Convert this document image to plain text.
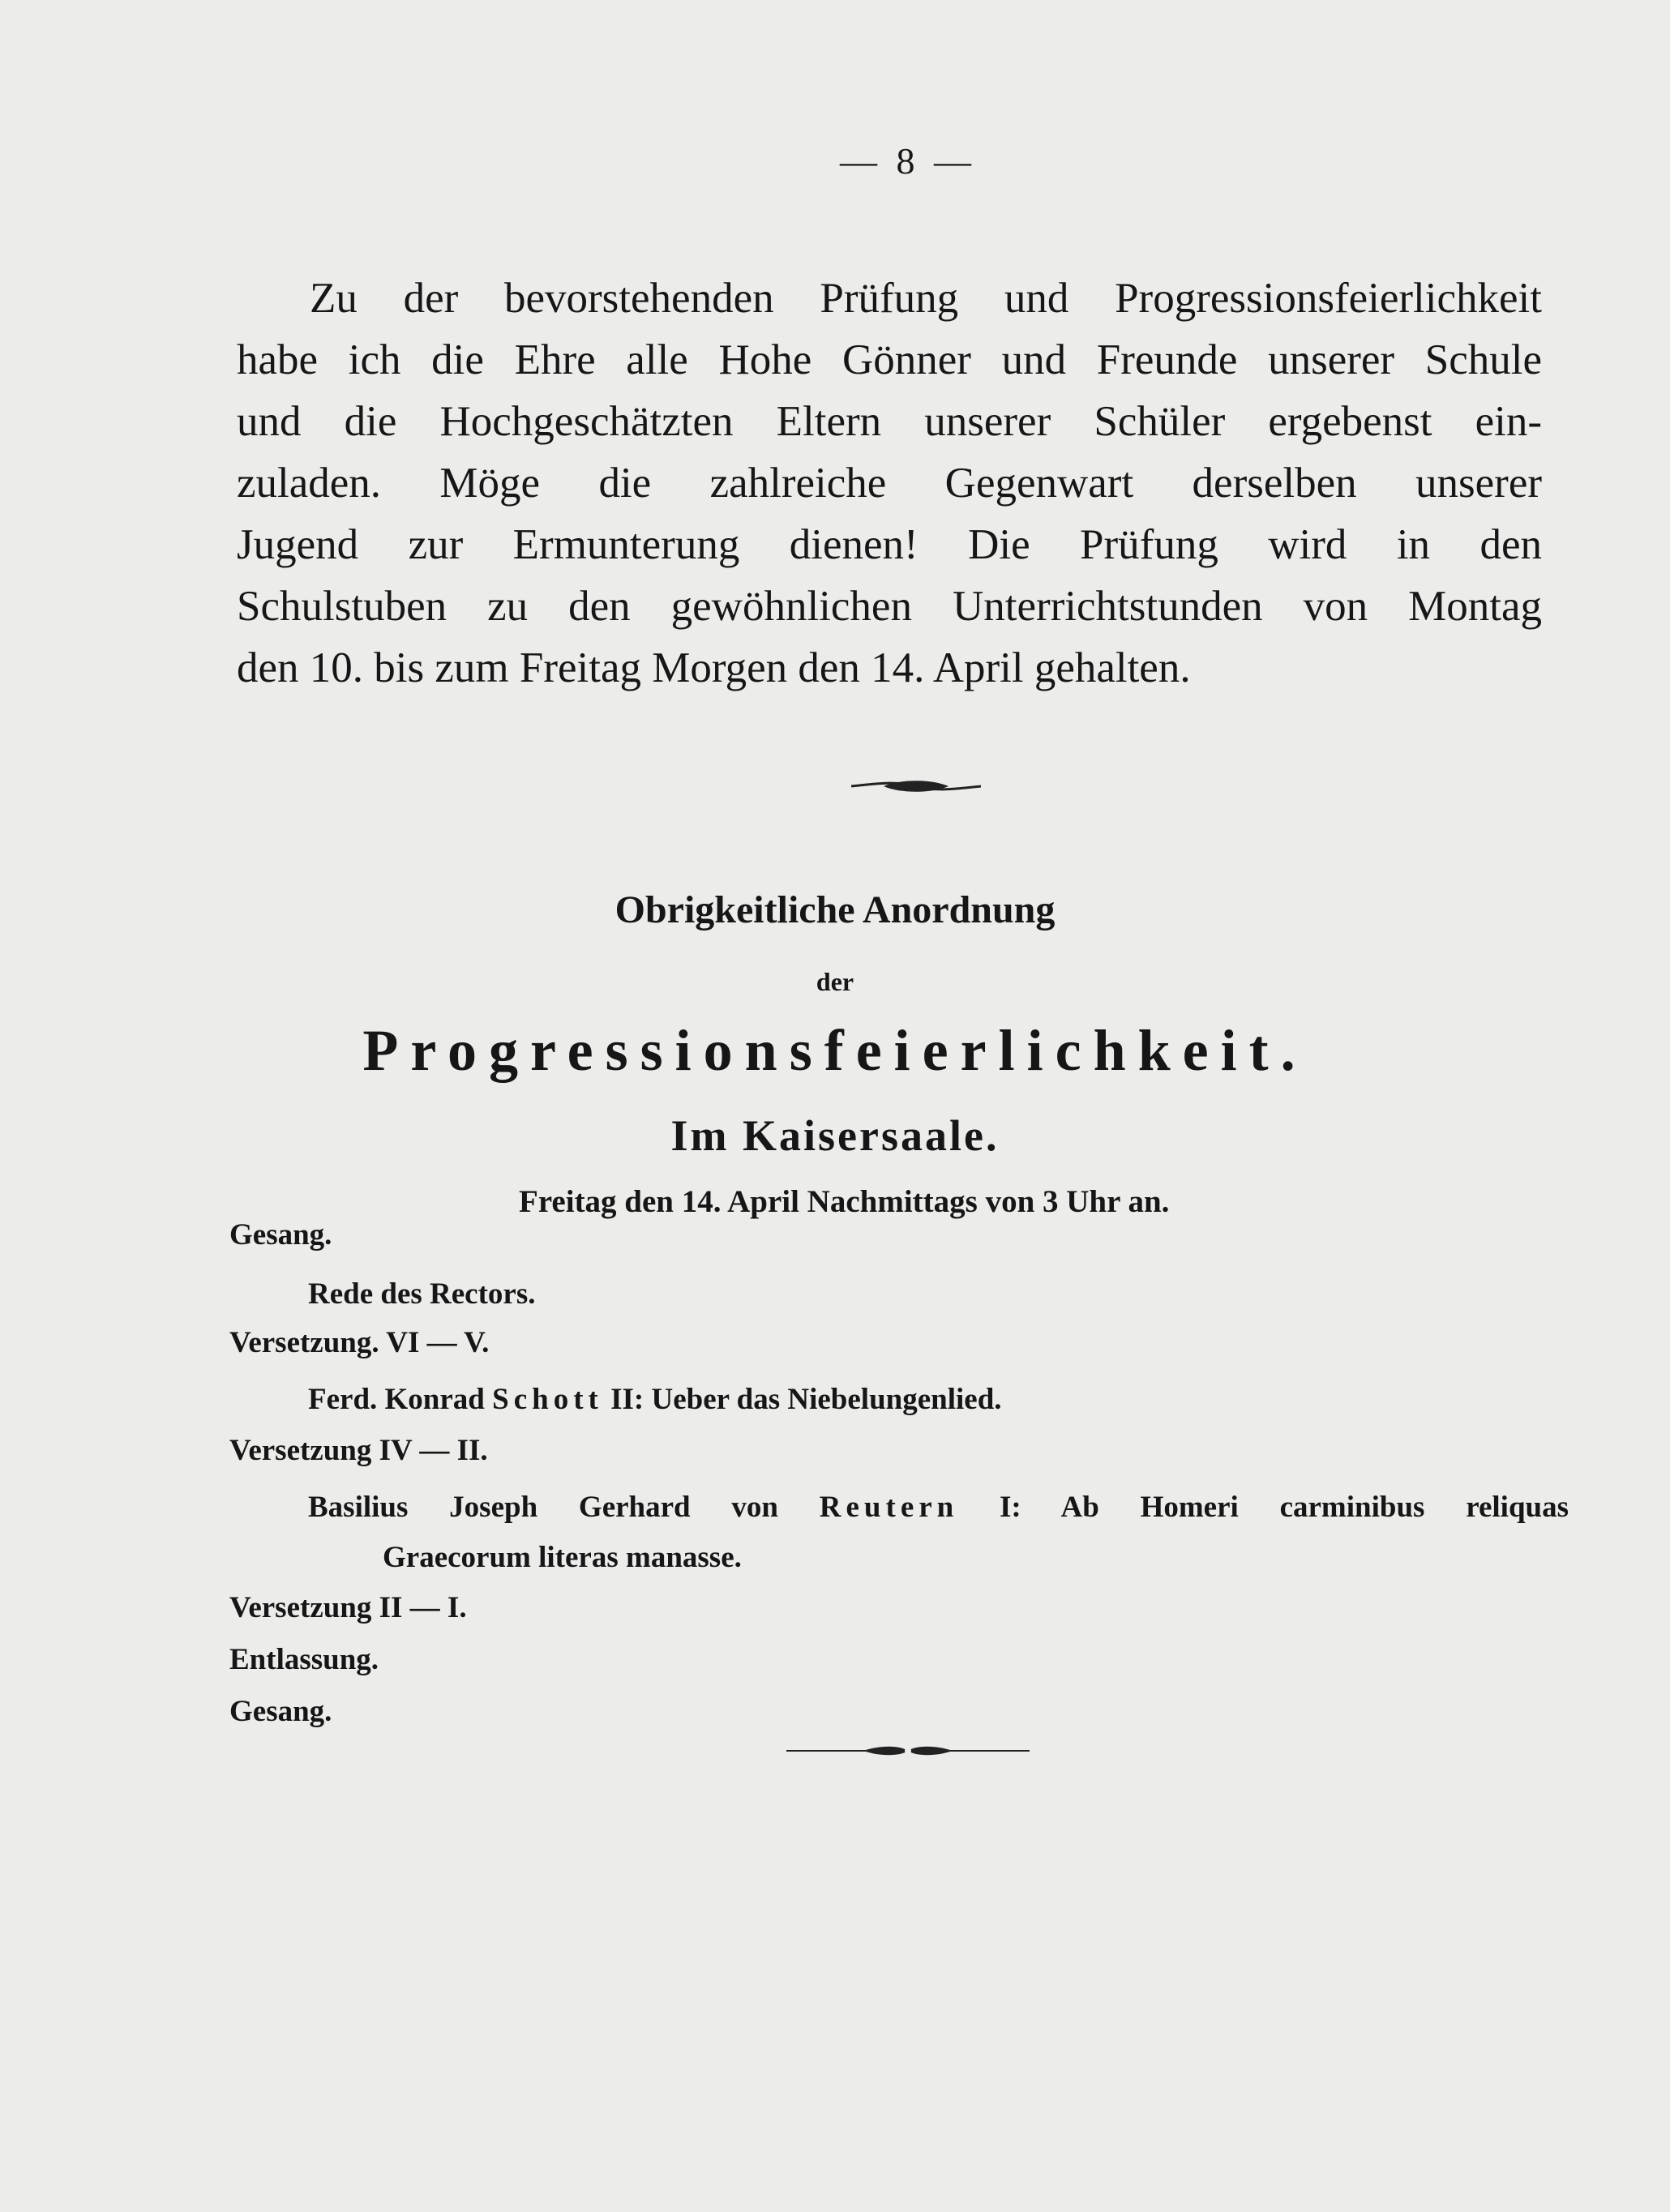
— 8 —
Zu der bevorstehenden Prüfung und Progressionsfeierlichkeit
habe ich die Ehre alle Hohe Gönner und Freunde unserer Schule
und die Hochgeschätzten Eltern unserer Schüler ergebenst ein-
zuladen. Möge die zahlreiche Gegenwart derselben unserer
Jugend zur Ermunterung dienen! Die Prüfung wird in den
Schulstuben zu den gewöhnlichen Unterrichtstunden von Montag
den 10. bis zum Freitag Morgen den 14. April gehalten.
Obrigkeitliche Anordnung
der
Progressionsfeierlichkeit.
Im Kaisersaale.
Freitag den 14. April Nachmittags von 3 Uhr an.
Gesang.
Rede des Rectors.
Versetzung. VI — V.
Ferd. Konrad Schott II: Ueber das Niebelungenlied.
Versetzung IV — II.
Basilius Joseph Gerhard von Reutern I: Ab Homeri carminibus reliquas
Graecorum literas manasse.
Versetzung II — I.
Entlassung.
Gesang.
